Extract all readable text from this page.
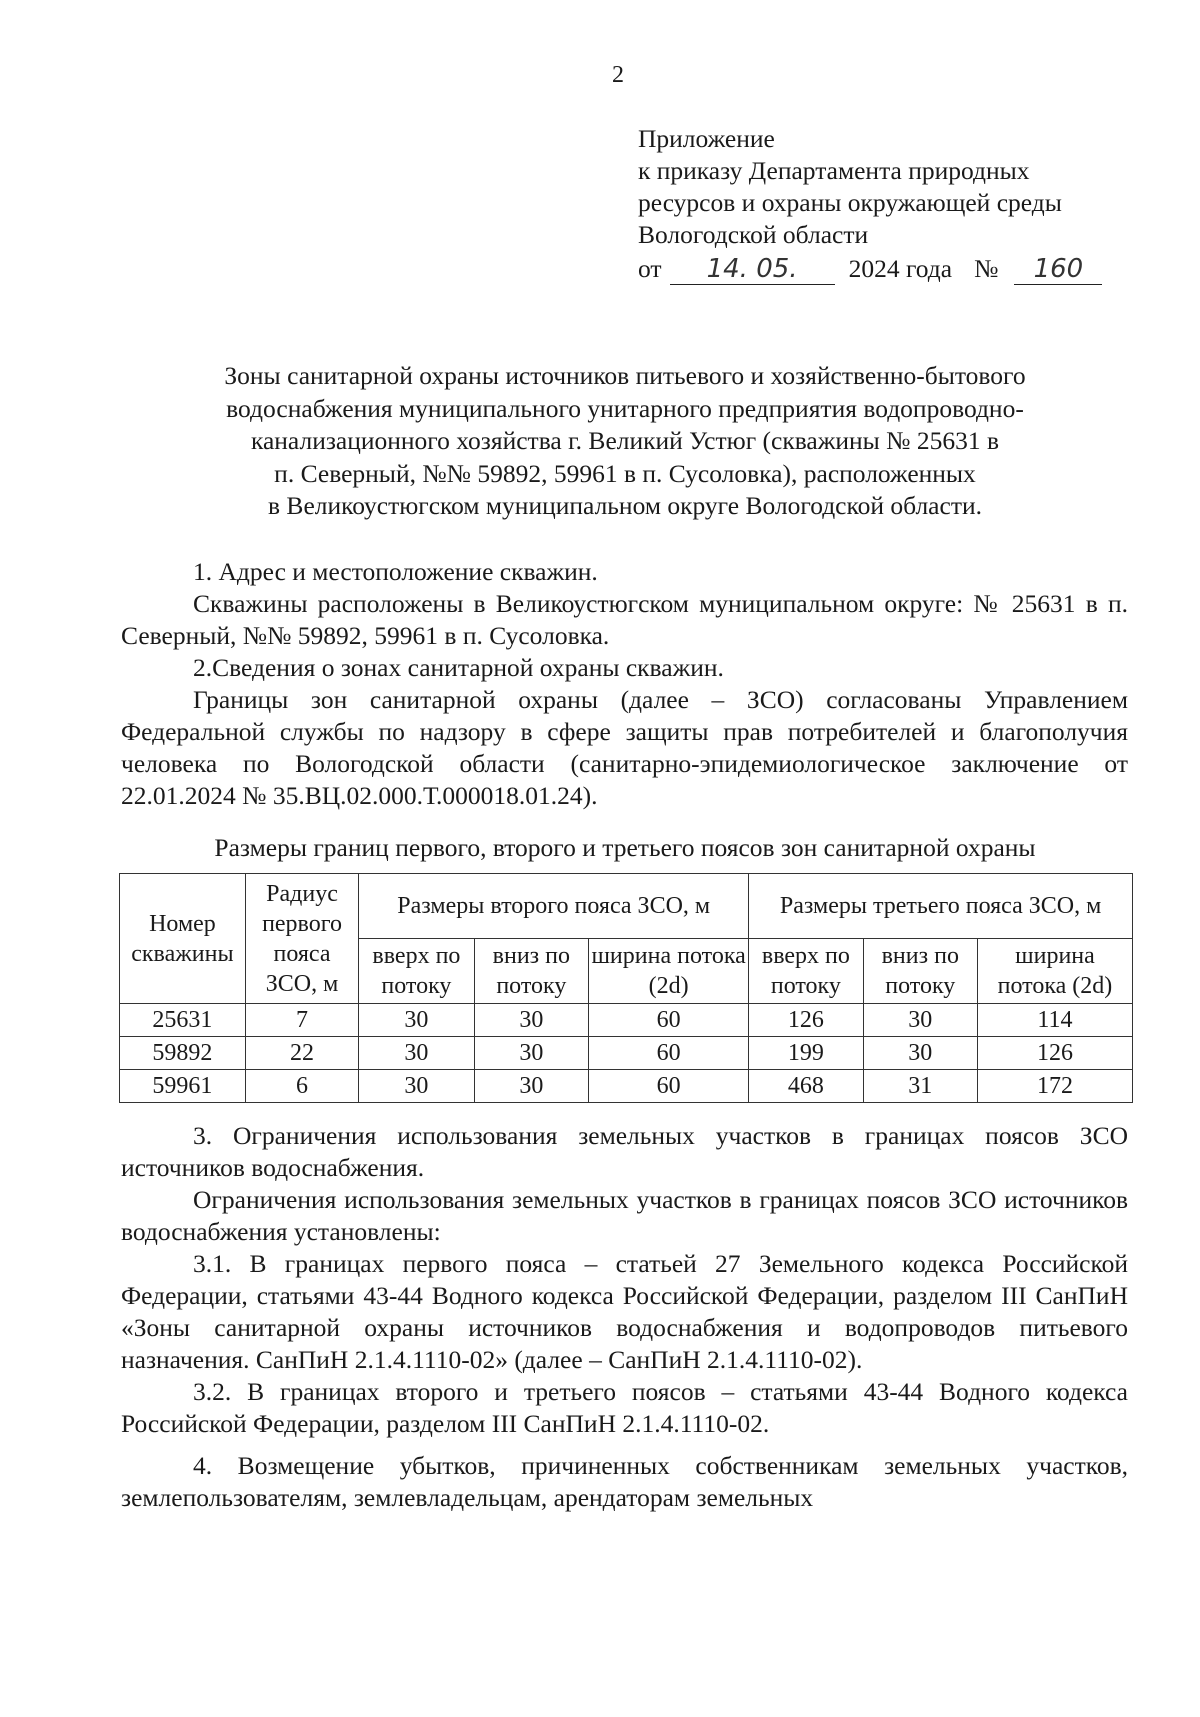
2
Приложение
к приказу Департамента природных
ресурсов и охраны окружающей среды
Вологодской области
от	14. 05.	2024 года №	160
Зоны санитарной охраны источников питьевого и хозяйственно-бытового
водоснабжения муниципального унитарного предприятия водопроводно-
канализационного хозяйства г. Великий Устюг (скважины № 25631 в
п. Северный, №№ 59892, 59961 в п. Сусоловка), расположенных
в Великоустюгском муниципальном округе Вологодской области.

1. Адрес и местоположение скважин.

Скважины расположены в Великоустюгском муниципальном округе: № 25631 в п. Северный, №№ 59892, 59961 в п. Сусоловка.

2.Сведения о зонах санитарной охраны скважин.

Границы зон санитарной охраны (далее – ЗСО) согласованы Управлением Федеральной службы по надзору в сфере защиты прав потребителей и благополучия человека по Вологодской области (санитарно-эпидемиологическое заключение от 22.01.2024 № 35.ВЦ.02.000.Т.000018.01.24).

Размеры границ первого, второго и третьего поясов зон санитарной охраны
Номер скважины	Радиус первого пояса ЗСО, м	Размеры второго пояса ЗСО, м			Размеры третьего пояса ЗСО, м		
		вверх по потоку	вниз по потоку	ширина потока (2d)	вверх по потоку	вниз по потоку	ширина потока (2d)
25631	7	30	30	60	126	30	114
59892	22	30	30	60	199	30	126
59961	6	30	30	60	468	31	172

3. Ограничения использования земельных участков в границах поясов ЗСО источников водоснабжения.

Ограничения использования земельных участков в границах поясов ЗСО источников водоснабжения установлены:

3.1. В границах первого пояса – статьей 27 Земельного кодекса Российской Федерации, статьями 43-44 Водного кодекса Российской Федерации, разделом III СанПиН «Зоны санитарной охраны источников водоснабжения и водопроводов питьевого назначения. СанПиН 2.1.4.1110-02» (далее – СанПиН 2.1.4.1110-02).

3.2. В границах второго и третьего поясов – статьями 43-44 Водного кодекса Российской Федерации, разделом III СанПиН 2.1.4.1110-02.

4. Возмещение убытков, причиненных собственникам земельных участков, землепользователям, землевладельцам, арендаторам земельных
